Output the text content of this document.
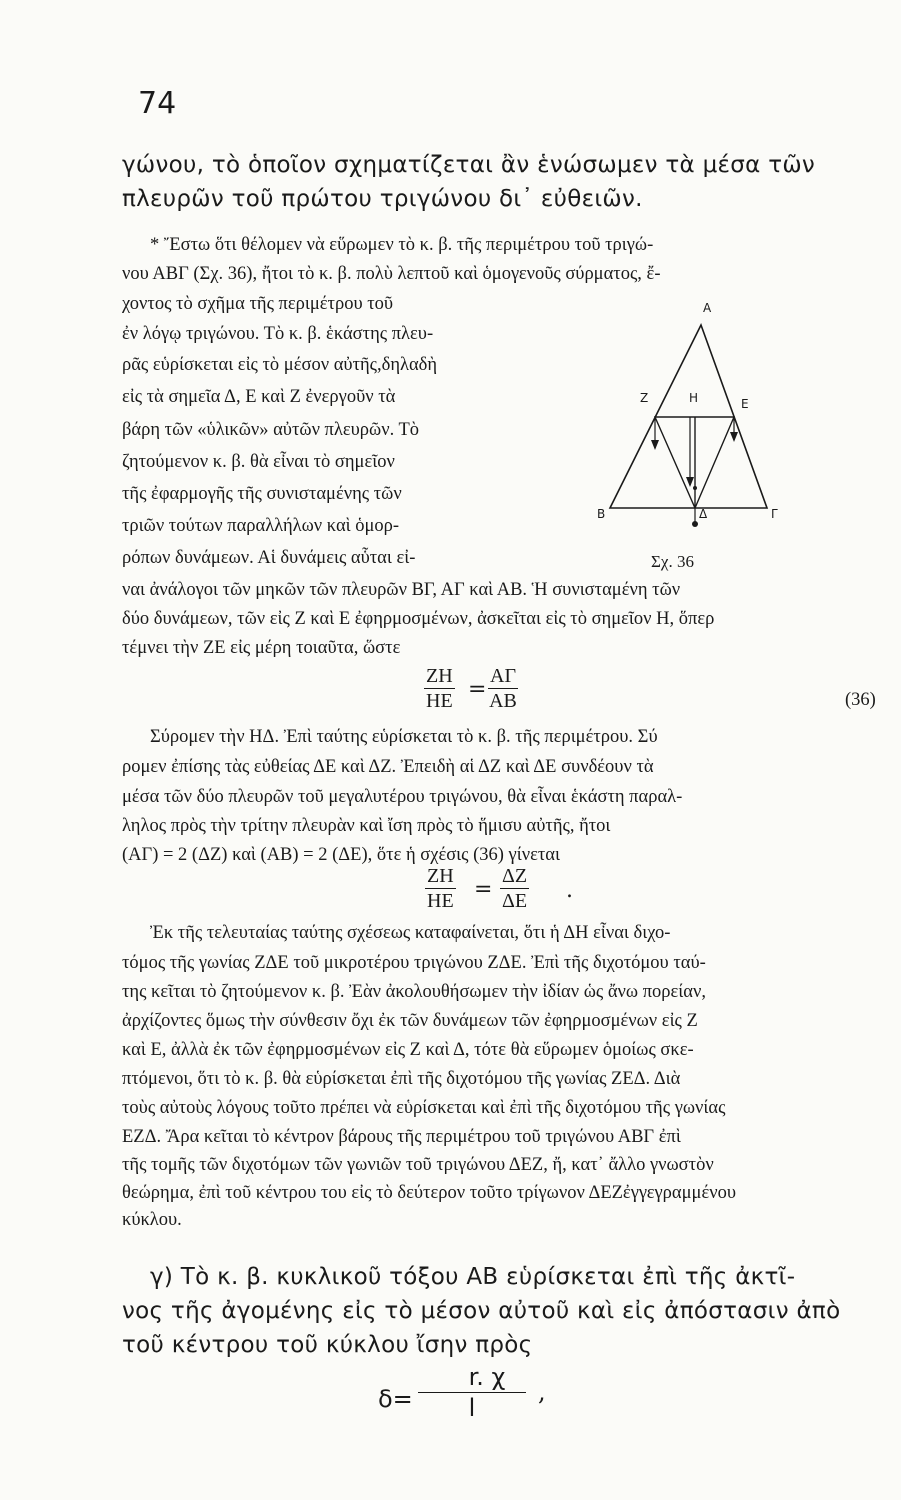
74
γώνου, τὸ ὁποῖον σχηματίζεται ἂν ἑνώσωμεν τὰ μέσα τῶν
πλευρῶν τοῦ πρώτου τριγώνου δι᾽ εὐθειῶν.
* Ἔστω ὅτι θέλομεν νὰ εὕρωμεν τὸ κ. β. τῆς περιμέτρου τοῦ τριγώ-
νου ΑΒΓ (Σχ. 36), ἤτοι τὸ κ. β. πολὺ λεπτοῦ καὶ ὁμογενοῦς σύρματος, ἔ-
χοντος τὸ σχῆμα τῆς περιμέτρου τοῦ
ἐν λόγῳ τριγώνου. Τὸ κ. β. ἑκάστης πλευ-
ρᾶς εὑρίσκεται εἰς τὸ μέσον αὐτῆς,δηλαδὴ
εἰς τὰ σημεῖα Δ, Ε καὶ Ζ ἐνεργοῦν τὰ
βάρη τῶν «ὑλικῶν» αὐτῶν πλευρῶν. Τὸ
ζητούμενον κ. β. θὰ εἶναι τὸ σημεῖον
τῆς ἐφαρμογῆς τῆς συνισταμένης τῶν
τριῶν τούτων παραλλήλων καὶ ὁμορ-
ρόπων δυνάμεων. Αἱ δυνάμεις αὗται εἰ-
ναι ἀνάλογοι τῶν μηκῶν τῶν πλευρῶν ΒΓ, ΑΓ καὶ ΑΒ. Ἡ συνισταμένη τῶν
δύο δυνάμεων, τῶν εἰς Ζ καὶ Ε ἐφηρμοσμένων, ἀσκεῖται εἰς τὸ σημεῖον Η, ὅπερ
τέμνει τὴν ΖΕ εἰς μέρη τοιαῦτα, ὥστε
Α
Ζ	Η	Ε
Β	Δ	Γ
Σχ. 36
$\frac{ZH}{HE} = \frac{A\Gamma}{AB}$	(36)
Σύρομεν τὴν ΗΔ. Ἐπὶ ταύτης εὑρίσκεται τὸ κ. β. τῆς περιμέτρου. Σύ
ρομεν ἐπίσης τὰς εὐθείας ΔΕ καὶ ΔΖ. Ἐπειδὴ αἱ ΔΖ καὶ ΔΕ συνδέουν τὰ
μέσα τῶν δύο πλευρῶν τοῦ μεγαλυτέρου τριγώνου, θὰ εἶναι ἑκάστη παραλ-
ληλος πρὸς τὴν τρίτην πλευρὰν καὶ ἴση πρὸς τὸ ἥμισυ αὐτῆς, ἤτοι
(ΑΓ) = 2 (ΔΖ) καὶ (ΑΒ) = 2 (ΔΕ), ὅτε ἡ σχέσις (36) γίνεται
$\frac{ZH}{HE} = \frac{\Delta Z}{\Delta E}$ .
Ἐκ τῆς τελευταίας ταύτης σχέσεως καταφαίνεται, ὅτι ἡ ΔΗ εἶναι διχο-
τόμος τῆς γωνίας ΖΔΕ τοῦ μικροτέρου τριγώνου ΖΔΕ. Ἐπὶ τῆς διχοτόμου ταύ-
της κεῖται τὸ ζητούμενον κ. β. Ἐὰν ἀκολουθήσωμεν τὴν ἰδίαν ὡς ἄνω πορείαν,
ἀρχίζοντες ὅμως τὴν σύνθεσιν ὄχι ἐκ τῶν δυνάμεων τῶν ἐφηρμοσμένων εἰς Ζ
καὶ Ε, ἀλλὰ ἐκ τῶν ἐφηρμοσμένων εἰς Ζ καὶ Δ, τότε θὰ εὕρωμεν ὁμοίως σκε-
πτόμενοι, ὅτι τὸ κ. β. θὰ εὑρίσκεται ἐπὶ τῆς διχοτόμου τῆς γωνίας ΖΕΔ. Διὰ
τοὺς αὐτοὺς λόγους τοῦτο πρέπει νὰ εὑρίσκεται καὶ ἐπὶ τῆς διχοτόμου τῆς γωνίας
ΕΖΔ. Ἄρα κεῖται τὸ κέντρον βάρους τῆς περιμέτρου τοῦ τριγώνου ΑΒΓ ἐπὶ
τῆς τομῆς τῶν διχοτόμων τῶν γωνιῶν τοῦ τριγώνου ΔΕΖ, ἤ, κατ᾽ ἄλλο γνωστὸν
θεώρημα, ἐπὶ τοῦ κέντρου του εἰς τὸ δεύτερον τοῦτο τρίγωνον ΔΕΖἐγγεγραμμένου
κύκλου.
γ) Τὸ κ. β. κυκλικοῦ τόξου ΑΒ εὑρίσκεται ἐπὶ τῆς ἀκτῖ-
νος τῆς ἀγομένης εἰς τὸ μέσον αὐτοῦ καὶ εἰς ἀπόστασιν ἀπὸ
τοῦ κέντρου τοῦ κύκλου ἴσην πρὸς
$\delta= \frac{r. \chi}{l}$ ,
